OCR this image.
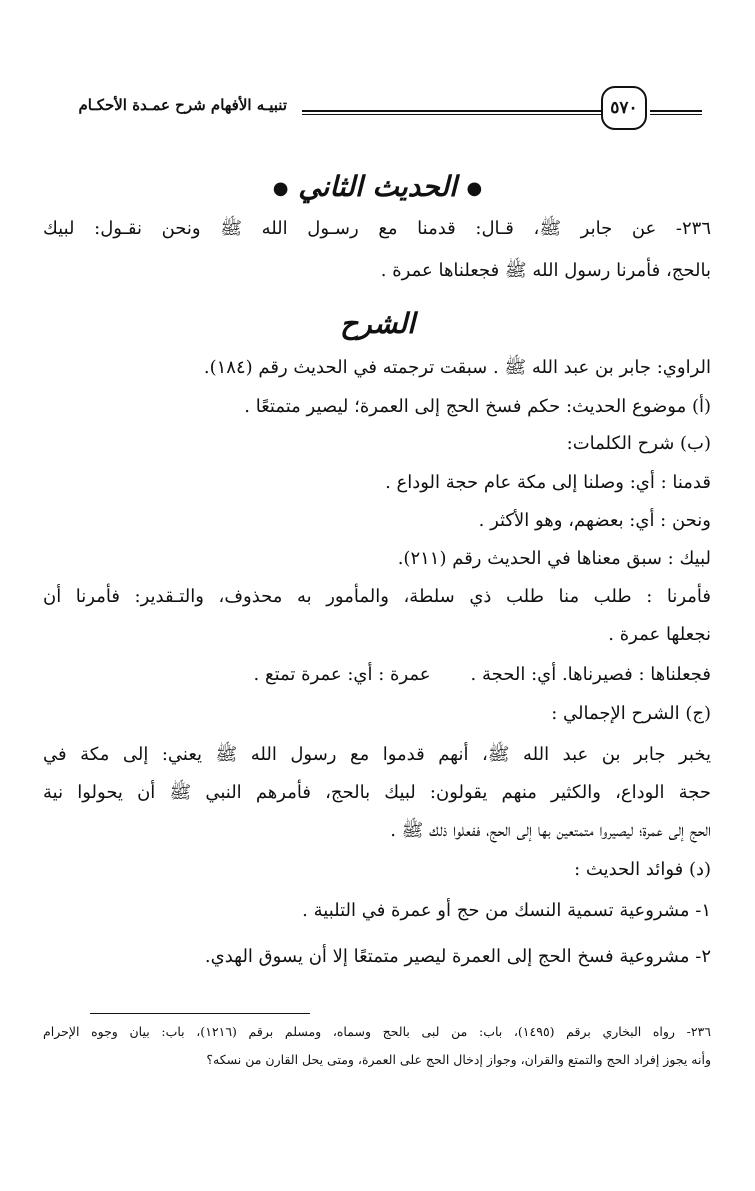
تنبيـه الأفهام شرح عمـدة الأحكـام	٥٧٠
● الحديث الثاني ●
٢٣٦- عن جابر ﷺ، قـال: قدمنا مع رسـول الله ﷺ ونحن نقـول: لبيك
بالحج، فأمرنا رسول الله ﷺ فجعلناها عمرة .
الشرح
الراوي: جابر بن عبد الله ﷺ . سبقت ترجمته في الحديث رقم (١٨٤).
(أ) موضوع الحديث: حكم فسخ الحج إلى العمرة؛ ليصير متمتعًا .
(ب) شرح الكلمات:
قدمنا : أي: وصلنا إلى مكة عام حجة الوداع .
ونحن : أي: بعضهم، وهو الأكثر .
لبيك : سبق معناها في الحديث رقم (٢١١).
فأمرنا : طلب منا طلب ذي سلطة، والمأمور به محذوف، والتـقدير: فأمرنا أن
نجعلها عمرة .
فجعلناها : فصيرناها. أي: الحجة .عمرة : أي: عمرة تمتع .
(ج) الشرح الإجمالي :
يخبر جابر بن عبد الله ﷺ، أنهم قدموا مع رسول الله ﷺ يعني: إلى مكة في
حجة الوداع، والكثير منهم يقولون: لبيك بالحج، فأمرهم النبي ﷺ أن يحولوا نية
الحج إلى عمرة؛ ليصيروا متمتعين بها إلى الحج، ففعلوا ذلك ﷺ .
(د) فوائد الحديث :
١- مشروعية تسمية النسك من حج أو عمرة في التلبية .
٢- مشروعية فسخ الحج إلى العمرة ليصير متمتعًا إلا أن يسوق الهدي.
٢٣٦- رواه البخاري برقم (١٤٩٥)، باب: من لبى بالحج وسماه، ومسلم برقم (١٢١٦)، باب: بيان وجوه الإحرام
وأنه يجوز إفراد الحج والتمتع والقران، وجواز إدخال الحج على العمرة، ومتى يحل القارن من نسكه؟
